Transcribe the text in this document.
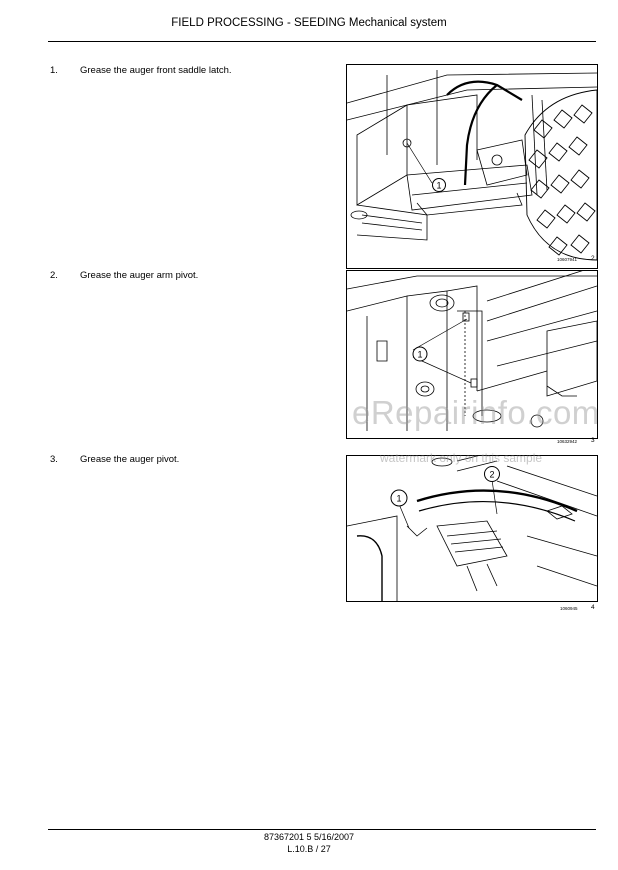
FIELD PROCESSING - SEEDING Mechanical system
1. Grease the auger front saddle latch.
1
10607941 2
2. Grease the auger arm pivot.
1
10632942 3
3. Grease the auger pivot.
1
2
1060945 4
eRepairinfo.com
watermark only on this sample
87367201 5 5/16/2007
L.10.B / 27
